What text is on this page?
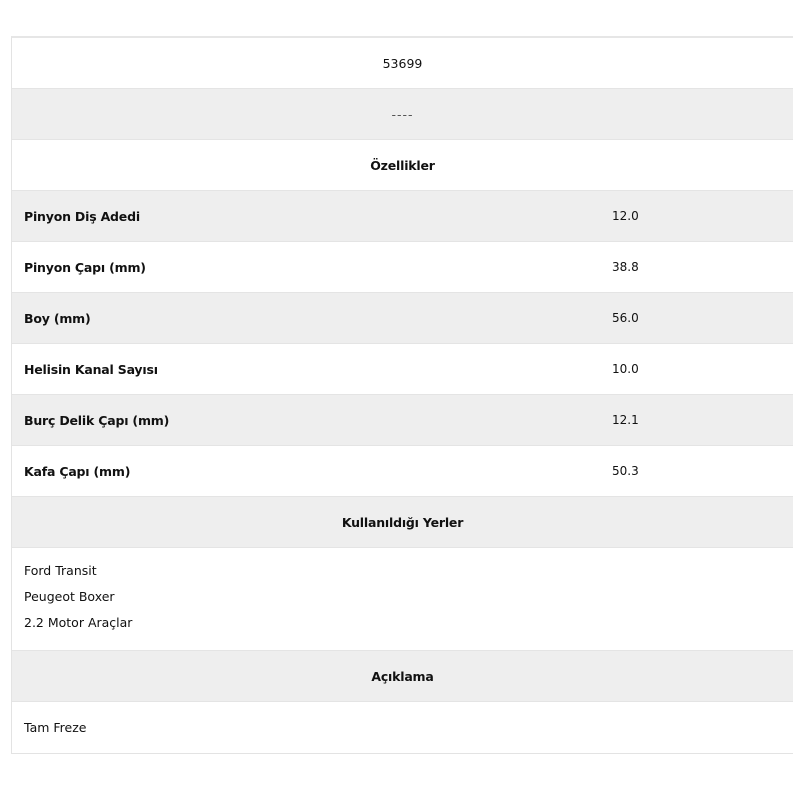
53699
----
Özellikler
Pinyon Diş Adedi	12.0
Pinyon Çapı (mm)	38.8
Boy (mm)	56.0
Helisin Kanal Sayısı	10.0
Burç Delik Çapı (mm)	12.1
Kafa Çapı (mm)	50.3
Kullanıldığı Yerler
Ford Transit
Peugeot Boxer
2.2 Motor Araçlar
Açıklama
Tam Freze
